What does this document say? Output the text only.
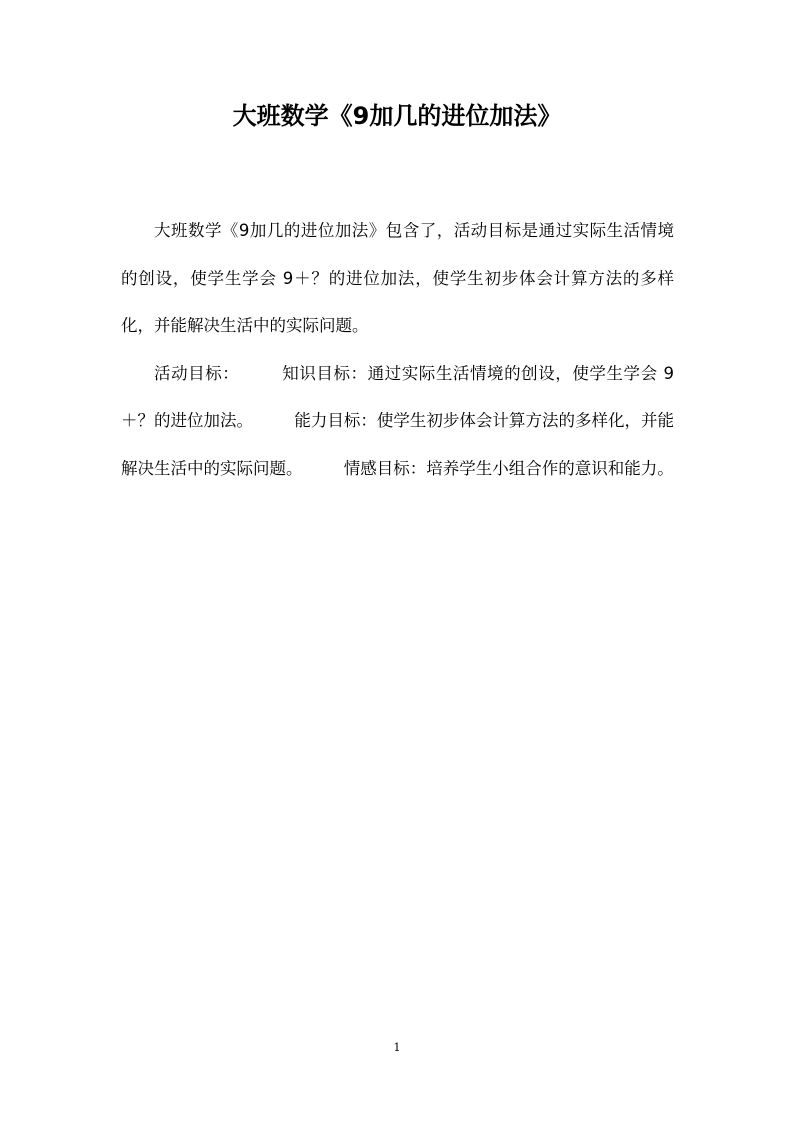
大班数学《9加几的进位加法》

大班数学《9加几的进位加法》包含了，活动目标是通过实际生活情境的创设，使学生学会 9＋？的进位加法，使学生初步体会计算方法的多样化，并能解决生活中的实际问题。

活动目标：　　　知识目标：通过实际生活情境的创设，使学生学会 9＋？的进位加法。　　　能力目标：使学生初步体会计算方法的多样化，并能解决生活中的实际问题。　　　情感目标：培养学生小组合作的意识和能力。

1
